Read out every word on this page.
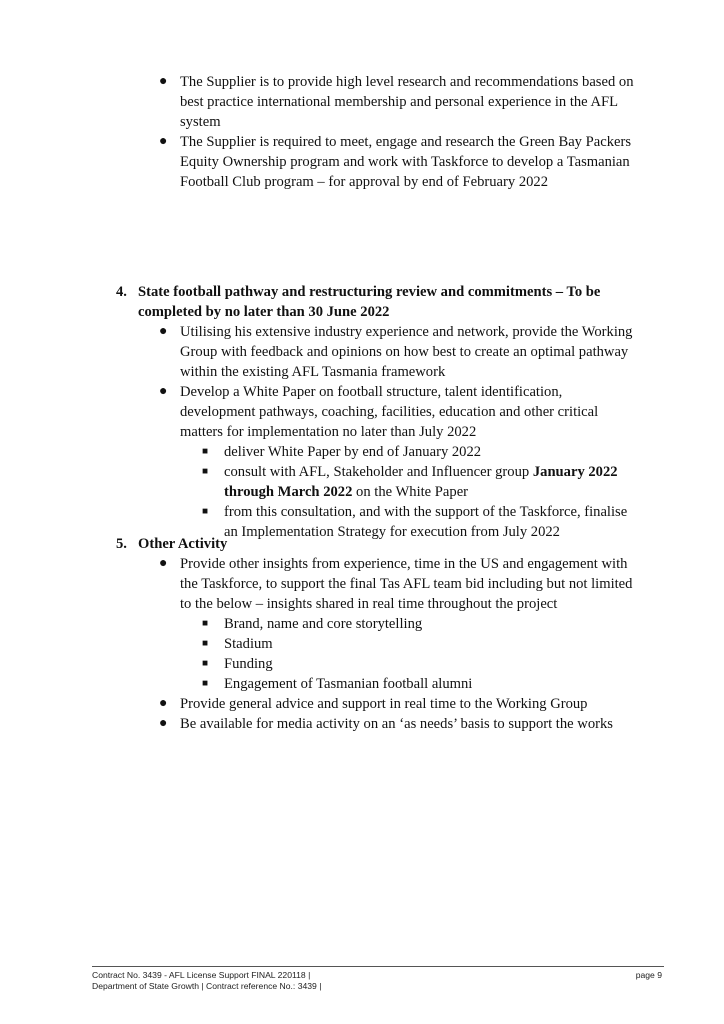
● The Supplier is to provide high level research and recommendations based on best practice international membership and personal experience in the AFL system
● The Supplier is required to meet, engage and research the Green Bay Packers Equity Ownership program and work with Taskforce to develop a Tasmanian Football Club program – for approval by end of February 2022
4. State football pathway and restructuring review and commitments – To be completed by no later than 30 June 2022
● Utilising his extensive industry experience and network, provide the Working Group with feedback and opinions on how best to create an optimal pathway within the existing AFL Tasmania framework
● Develop a White Paper on football structure, talent identification, development pathways, coaching, facilities, education and other critical matters for implementation no later than July 2022
■ deliver White Paper by end of January 2022
■ consult with AFL, Stakeholder and Influencer group January 2022 through March 2022 on the White Paper
■ from this consultation, and with the support of the Taskforce, finalise an Implementation Strategy for execution from July 2022
5. Other Activity
● Provide other insights from experience, time in the US and engagement with the Taskforce, to support the final Tas AFL team bid including but not limited to the below – insights shared in real time throughout the project
■ Brand, name and core storytelling
■ Stadium
■ Funding
■ Engagement of Tasmanian football alumni
● Provide general advice and support in real time to the Working Group
● Be available for media activity on an ‘as needs’ basis to support the works
Contract No. 3439 - AFL License Support FINAL 220118 |
Department of State Growth | Contract reference No.: 3439 |
page 9
